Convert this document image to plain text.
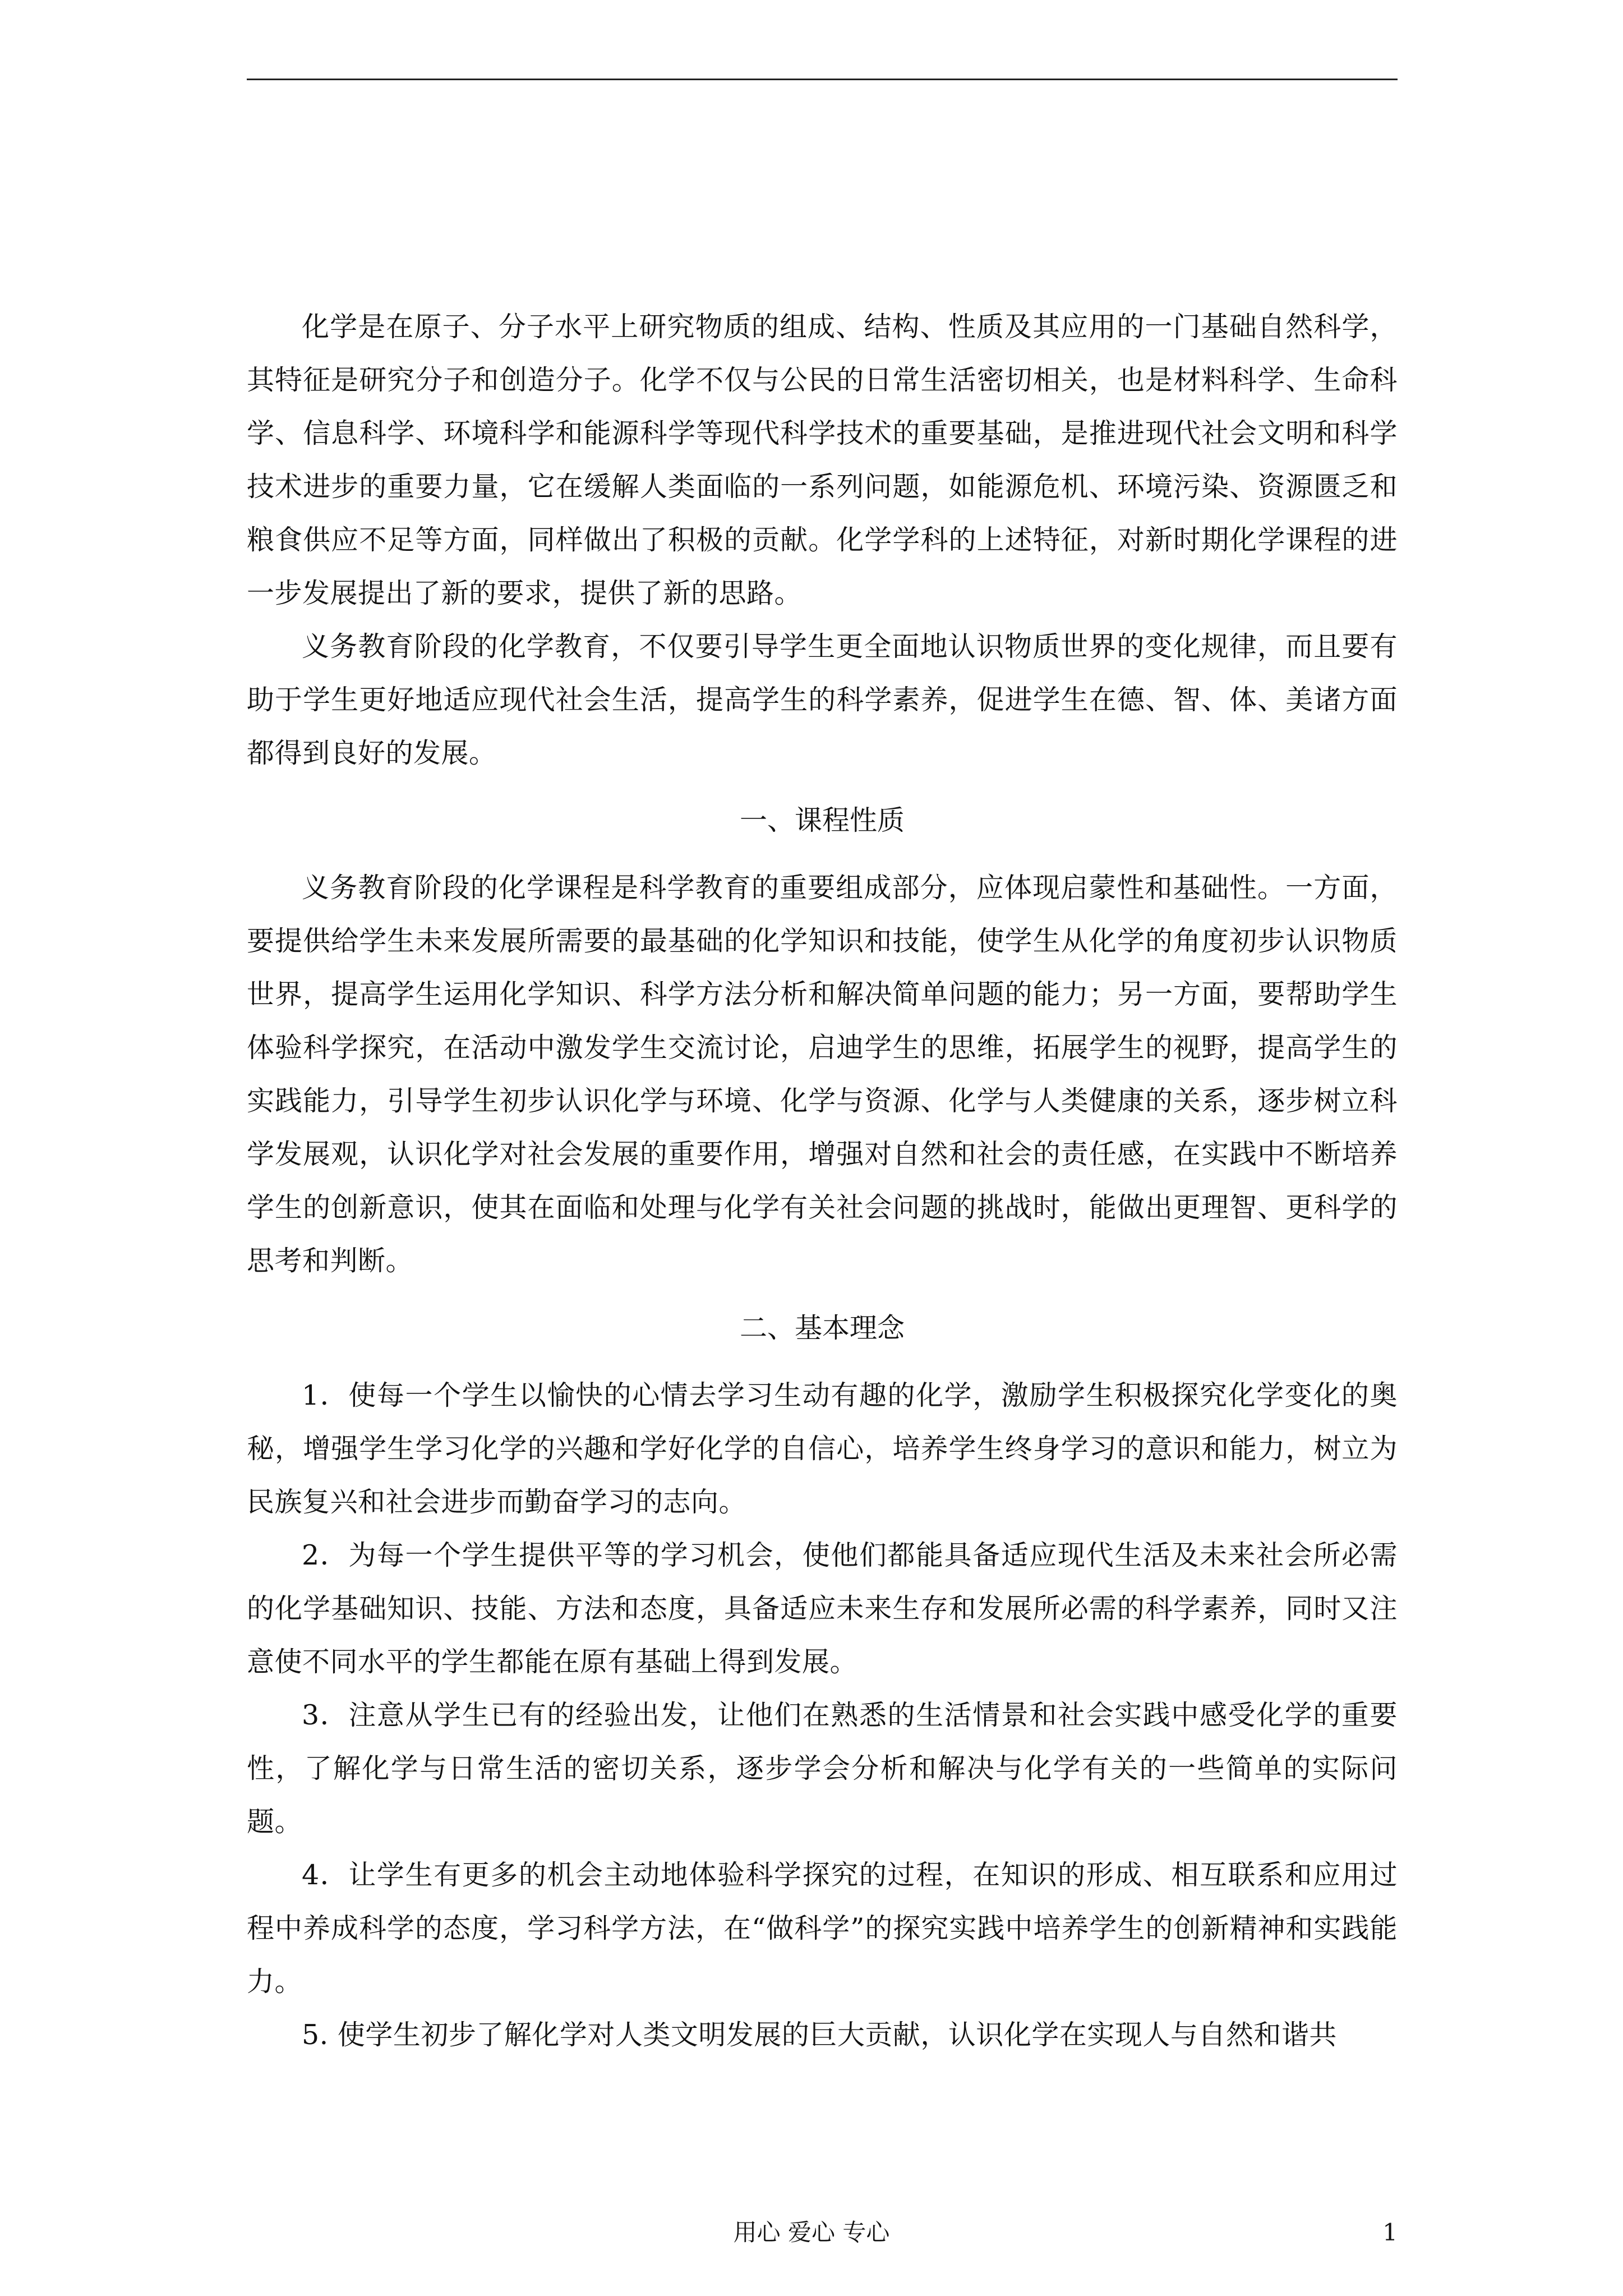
化学是在原子、分子水平上研究物质的组成、结构、性质及其应用的一门基础自然科学，其特征是研究分子和创造分子。化学不仅与公民的日常生活密切相关，也是材料科学、生命科学、信息科学、环境科学和能源科学等现代科学技术的重要基础，是推进现代社会文明和科学技术进步的重要力量，它在缓解人类面临的一系列问题，如能源危机、环境污染、资源匮乏和粮食供应不足等方面，同样做出了积极的贡献。化学学科的上述特征，对新时期化学课程的进一步发展提出了新的要求，提供了新的思路。

义务教育阶段的化学教育，不仅要引导学生更全面地认识物质世界的变化规律，而且要有助于学生更好地适应现代社会生活，提高学生的科学素养，促进学生在德、智、体、美诸方面都得到良好的发展。

一、课程性质

义务教育阶段的化学课程是科学教育的重要组成部分，应体现启蒙性和基础性。一方面，要提供给学生未来发展所需要的最基础的化学知识和技能，使学生从化学的角度初步认识物质世界，提高学生运用化学知识、科学方法分析和解决简单问题的能力；另一方面，要帮助学生体验科学探究，在活动中激发学生交流讨论，启迪学生的思维，拓展学生的视野，提高学生的实践能力，引导学生初步认识化学与环境、化学与资源、化学与人类健康的关系，逐步树立科学发展观，认识化学对社会发展的重要作用，增强对自然和社会的责任感，在实践中不断培养学生的创新意识，使其在面临和处理与化学有关社会问题的挑战时，能做出更理智、更科学的思考和判断。

二、基本理念

1．使每一个学生以愉快的心情去学习生动有趣的化学，激励学生积极探究化学变化的奥秘，增强学生学习化学的兴趣和学好化学的自信心，培养学生终身学习的意识和能力，树立为民族复兴和社会进步而勤奋学习的志向。

2．为每一个学生提供平等的学习机会，使他们都能具备适应现代生活及未来社会所必需的化学基础知识、技能、方法和态度，具备适应未来生存和发展所必需的科学素养，同时又注意使不同水平的学生都能在原有基础上得到发展。

3．注意从学生已有的经验出发，让他们在熟悉的生活情景和社会实践中感受化学的重要性，了解化学与日常生活的密切关系，逐步学会分析和解决与化学有关的一些简单的实际问题。

4．让学生有更多的机会主动地体验科学探究的过程，在知识的形成、相互联系和应用过程中养成科学的态度，学习科学方法，在“做科学”的探究实践中培养学生的创新精神和实践能力。

5. 使学生初步了解化学对人类文明发展的巨大贡献，认识化学在实现人与自然和谐共

用心 爱心 专心	1
